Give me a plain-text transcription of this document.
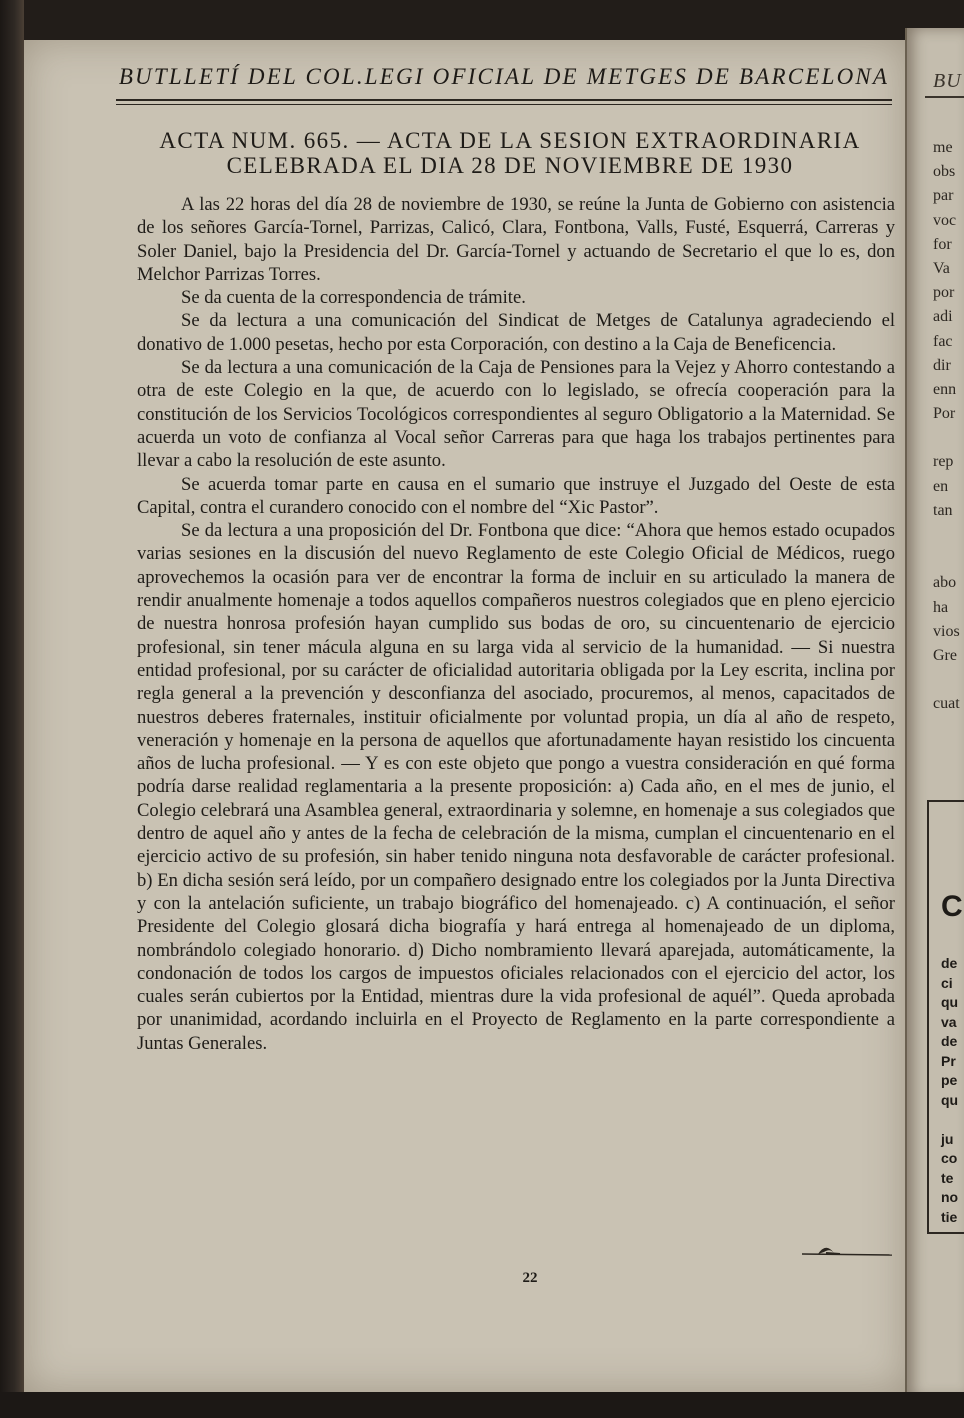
BUTLLETÍ DEL COL.LEGI OFICIAL DE METGES DE BARCELONA
ACTA NUM. 665. — ACTA DE LA SESION EXTRAORDINARIA CELEBRADA EL DIA 28 DE NOVIEMBRE DE 1930

A las 22 horas del día 28 de noviembre de 1930, se reúne la Junta de Gobierno con asistencia de los señores García-Tornel, Parrizas, Calicó, Clara, Fontbona, Valls, Fusté, Esquerrá, Carreras y Soler Daniel, bajo la Presidencia del Dr. García-Tornel y actuando de Secretario el que lo es, don Melchor Parrizas Torres.

Se da cuenta de la correspondencia de trámite.

Se da lectura a una comunicación del Sindicat de Metges de Catalunya agradeciendo el donativo de 1.000 pesetas, hecho por esta Corporación, con destino a la Caja de Beneficencia.

Se da lectura a una comunicación de la Caja de Pensiones para la Vejez y Ahorro contestando a otra de este Colegio en la que, de acuerdo con lo legislado, se ofrecía cooperación para la constitución de los Servicios Tocológicos correspondientes al seguro Obligatorio a la Maternidad. Se acuerda un voto de confianza al Vocal señor Carreras para que haga los trabajos pertinentes para llevar a cabo la resolución de este asunto.

Se acuerda tomar parte en causa en el sumario que instruye el Juzgado del Oeste de esta Capital, contra el curandero conocido con el nombre del “Xic Pastor”.

Se da lectura a una proposición del Dr. Fontbona que dice: “Ahora que hemos estado ocupados varias sesiones en la discusión del nuevo Reglamento de este Colegio Oficial de Médicos, ruego aprovechemos la ocasión para ver de encontrar la forma de incluir en su articulado la manera de rendir anualmente homenaje a todos aquellos compañeros nuestros colegiados que en pleno ejercicio de nuestra honrosa profesión hayan cumplido sus bodas de oro, su cincuentenario de ejercicio profesional, sin tener mácula alguna en su larga vida al servicio de la humanidad. — Si nuestra entidad profesional, por su carácter de oficialidad autoritaria obligada por la Ley escrita, inclina por regla general a la prevención y desconfianza del asociado, procuremos, al menos, capacitados de nuestros deberes fraternales, instituir oficialmente por voluntad propia, un día al año de respeto, veneración y homenaje en la persona de aquellos que afortunadamente hayan resistido los cincuenta años de lucha profesional. — Y es con este objeto que pongo a vuestra consideración en qué forma podría darse realidad reglamentaria a la presente proposición: a) Cada año, en el mes de junio, el Colegio celebrará una Asamblea general, extraordinaria y solemne, en homenaje a sus colegiados que dentro de aquel año y antes de la fecha de celebración de la misma, cumplan el cincuentenario en el ejercicio activo de su profesión, sin haber tenido ninguna nota desfavorable de carácter profesional. b) En dicha sesión será leído, por un compañero designado entre los colegiados por la Junta Directiva y con la antelación suficiente, un trabajo biográfico del homenajeado. c) A continuación, el señor Presidente del Colegio glosará dicha biografía y hará entrega al homenajeado de un diploma, nombrándolo colegiado honorario. d) Dicho nombramiento llevará aparejada, automáticamente, la condonación de todos los cargos de impuestos oficiales relacionados con el ejercicio del actor, los cuales serán cubiertos por la Entidad, mientras dure la vida profesional de aquél”. Queda aprobada por unanimidad, acordando incluirla en el Proyecto de Reglamento en la parte correspondiente a Juntas Generales.

22
BU
me
obs
par
voc
for
Va
por
adi
fac
dir
enn
Por
rep
en
tan
abo
ha
vios
Gre
cuat
C
de
ci
qu
va
de
Pr
pe
qu
ju
co
te
no
tie
